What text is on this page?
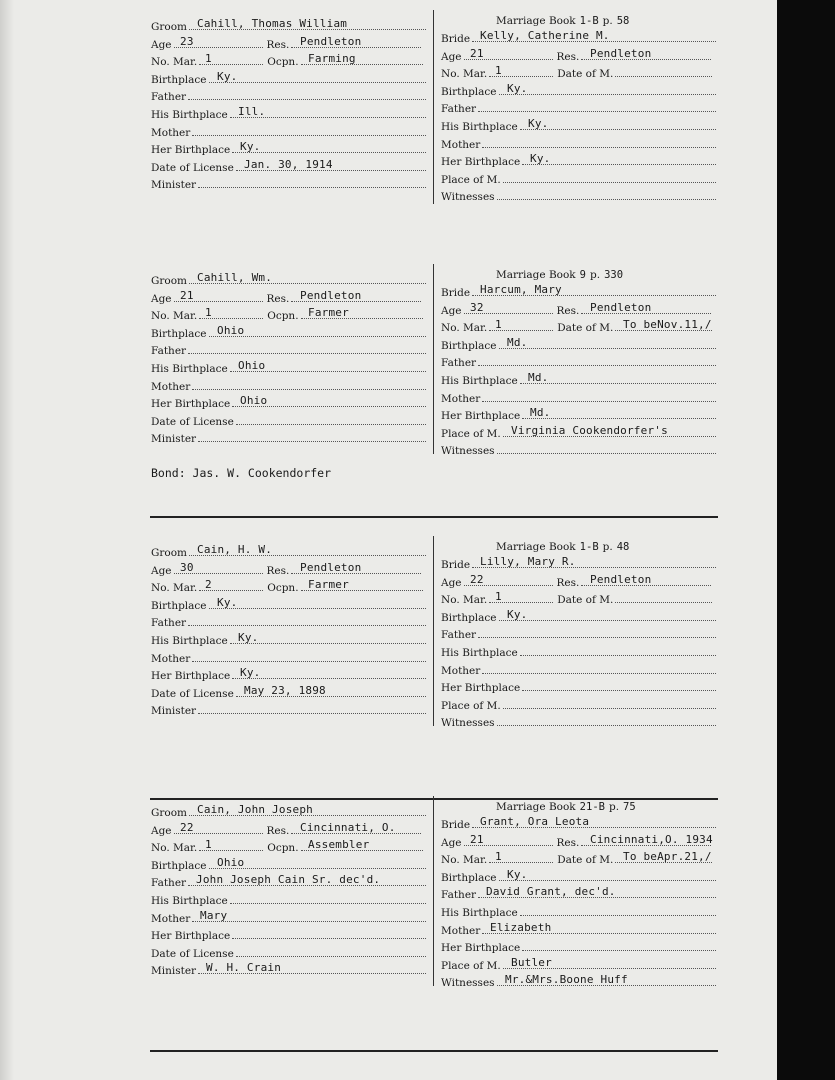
Marriage Book 1-B p. 58
Groom Cahill, Thomas William
Age 23	Res. Pendleton
No. Mar. 1	Ocpn. Farming
Birthplace Ky.
Father
His Birthplace Ill.
Mother
Her Birthplace Ky.
Date of License Jan. 30, 1914
Minister
Bride Kelly, Catherine M.
Age 21	Res. Pendleton
No. Mar. 1	Date of M.
Birthplace Ky.
Father
His Birthplace Ky.
Mother
Her Birthplace Ky.
Place of M.
Witnesses
Marriage Book 9 p. 330
Groom Cahill, Wm.
Age 21	Res. Pendleton
No. Mar. 1	Ocpn. Farmer
Birthplace Ohio
Father
His Birthplace Ohio
Mother
Her Birthplace Ohio
Date of License
Minister
Bride Harcum, Mary
Age 32	Res. Pendleton
No. Mar. 1	Date of M. To beNov.11,/
Birthplace Md.
Father
His Birthplace Md.
Mother
Her Birthplace Md.
Place of M. Virginia Cookendorfer's
Witnesses
Bond: Jas. W. Cookendorfer
Marriage Book 1-B p. 48
Groom Cain, H. W.
Age 30	Res. Pendleton
No. Mar. 2	Ocpn. Farmer
Birthplace Ky.
Father
His Birthplace Ky.
Mother
Her Birthplace Ky.
Date of License May 23, 1898
Minister
Bride Lilly, Mary R.
Age 22	Res. Pendleton
No. Mar. 1	Date of M.
Birthplace Ky.
Father
His Birthplace
Mother
Her Birthplace
Place of M.
Witnesses
Marriage Book 21-B p. 75
Groom Cain, John Joseph
Age 22	Res. Cincinnati, O.
No. Mar. 1	Ocpn. Assembler
Birthplace Ohio
Father John Joseph Cain Sr. dec'd.
His Birthplace
Mother Mary
Her Birthplace
Date of License
Minister W. H. Crain
Bride Grant, Ora Leota
Age 21	Res. Cincinnati,O. 1934
No. Mar. 1	Date of M. To beApr.21,/
Birthplace Ky.
Father David Grant, dec'd.
His Birthplace
Mother Elizabeth
Her Birthplace
Place of M. Butler
Witnesses Mr.&Mrs.Boone Huff
